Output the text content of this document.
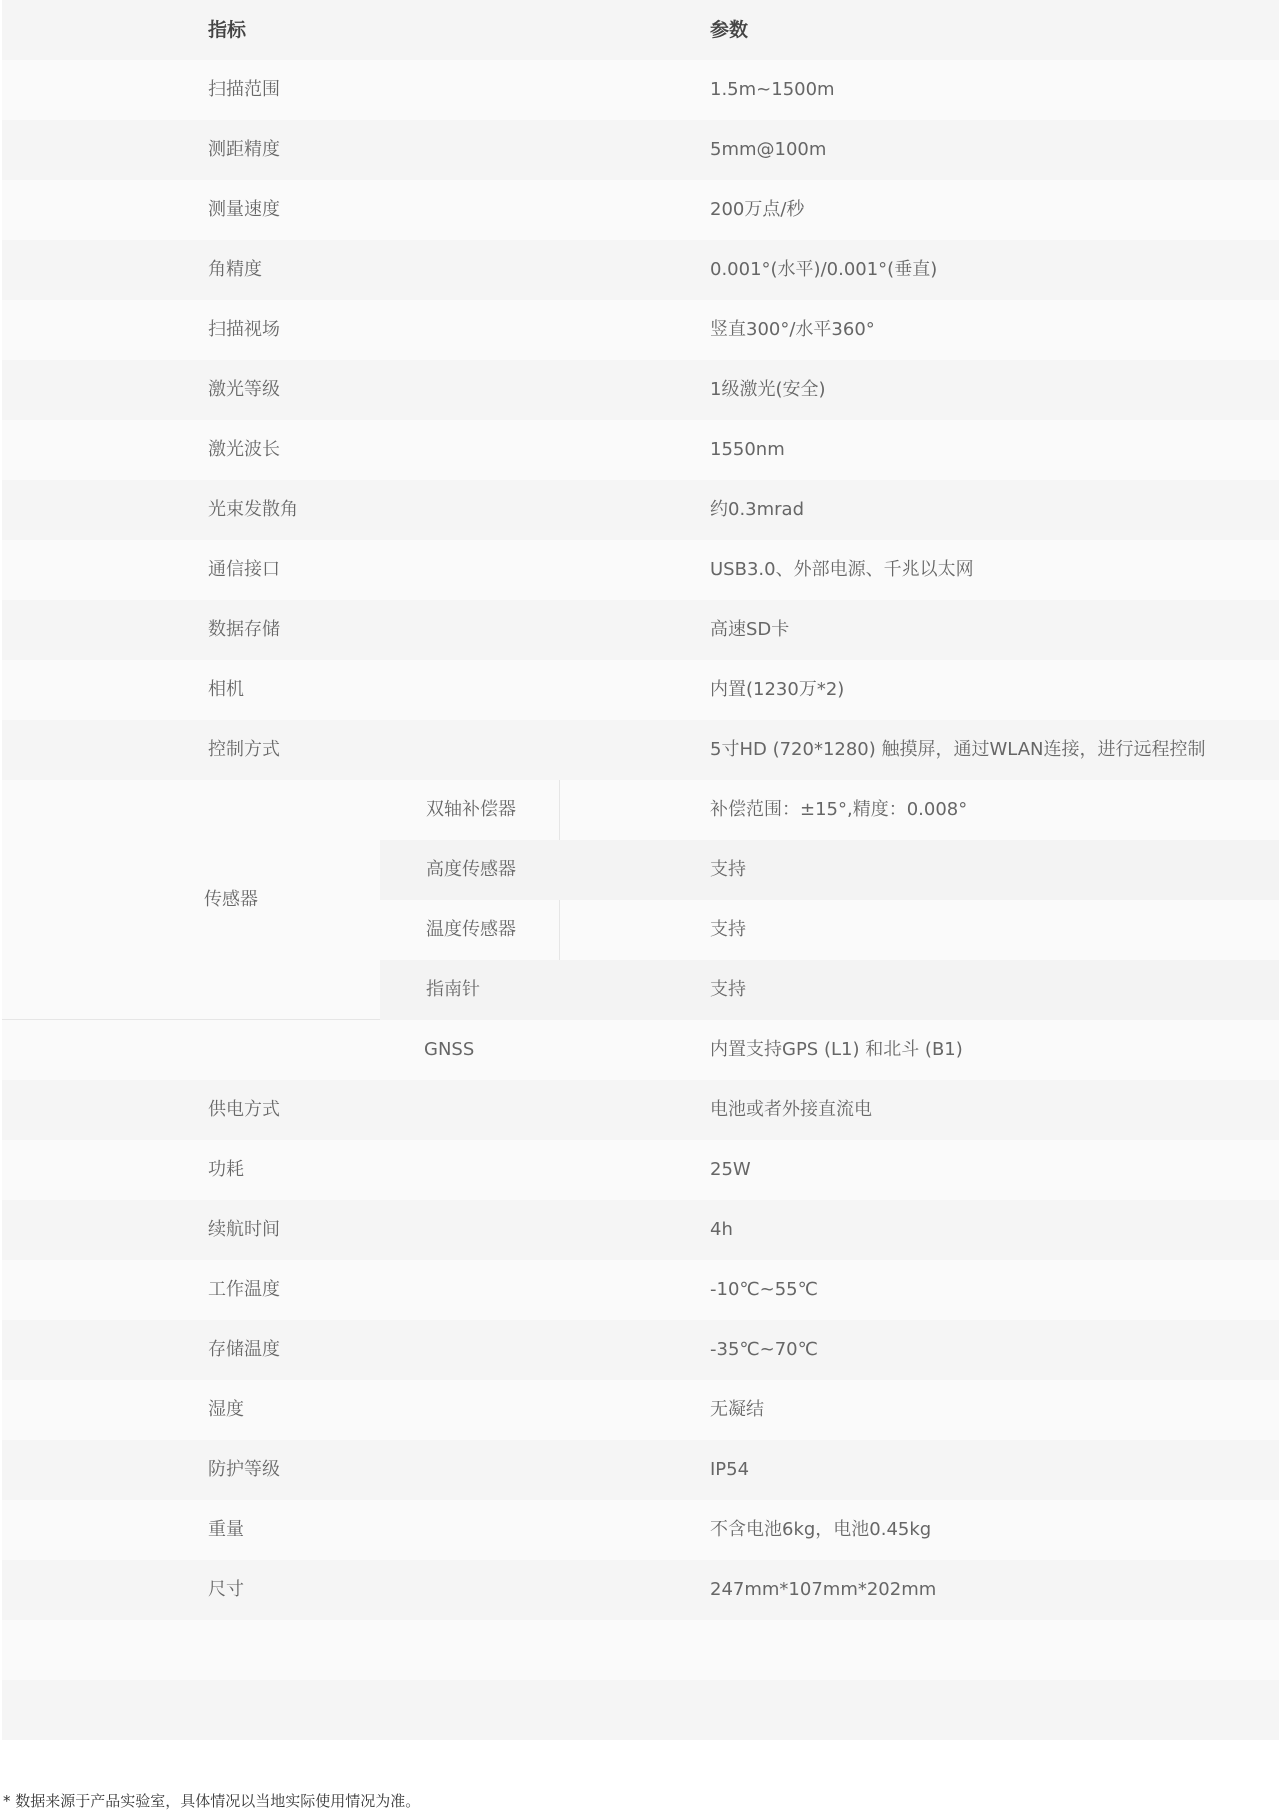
指标	参数
扫描范围	1.5m~1500m
测距精度	5mm@100m
测量速度	200万点/秒
角精度	0.001°(水平)/0.001°(垂直)
扫描视场	竖直300°/水平360°
激光等级	1级激光(安全)
激光波长	1550nm
光束发散角	约0.3mrad
通信接口	USB3.0、外部电源、千兆以太网
数据存储	高速SD卡
相机	内置(1230万*2)
控制方式	5寸HD (720*1280) 触摸屏，通过WLAN连接，进行远程控制
传感器
双轴补偿器	补偿范围：±15°,精度：0.008°
高度传感器	支持
温度传感器	支持
指南针	支持
GNSS	内置支持GPS (L1) 和北斗 (B1)
供电方式	电池或者外接直流电
功耗	25W
续航时间	4h
工作温度	-10℃~55℃
存储温度	-35℃~70℃
湿度	无凝结
防护等级	IP54
重量	不含电池6kg，电池0.45kg
尺寸	247mm*107mm*202mm
* 数据来源于产品实验室，具体情况以当地实际使用情况为准。
